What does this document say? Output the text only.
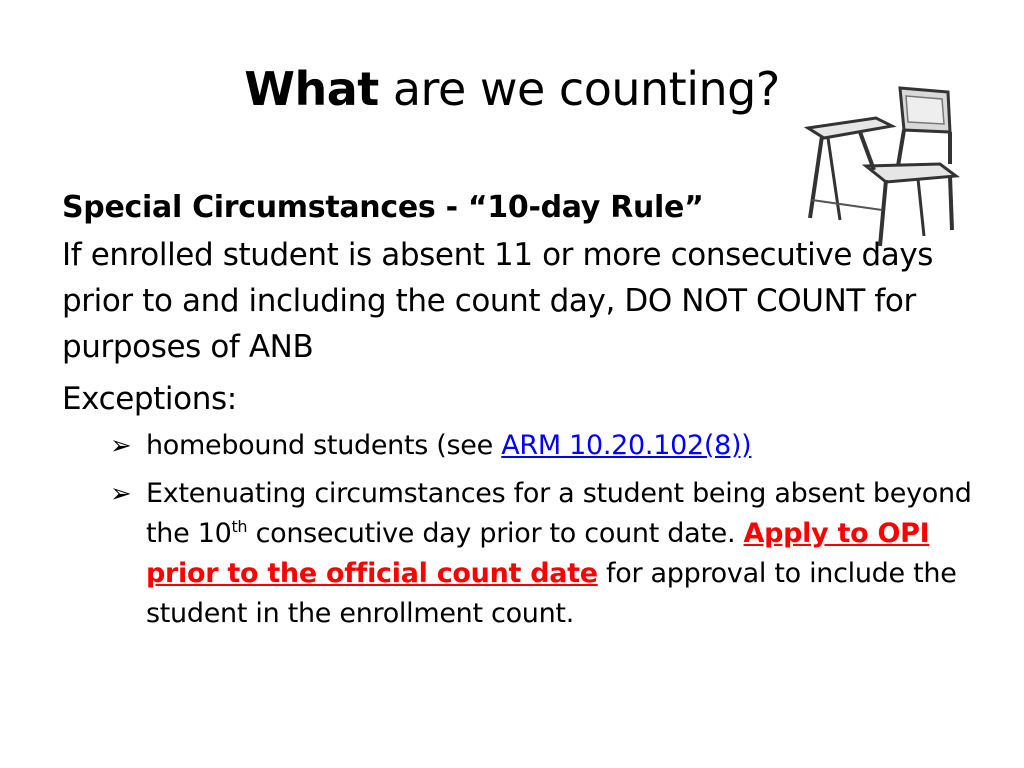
What are we counting?
Special Circumstances - “10-day Rule”
If enrolled student is absent 11 or more consecutive days prior to and including the count day, DO NOT COUNT for purposes of ANB
Exceptions:
➢ homebound students (see ARM 10.20.102(8))
➢ Extenuating circumstances for a student being absent beyond the 10th consecutive day prior to count date. Apply to OPI prior to the official count date for approval to include the student in the enrollment count.
